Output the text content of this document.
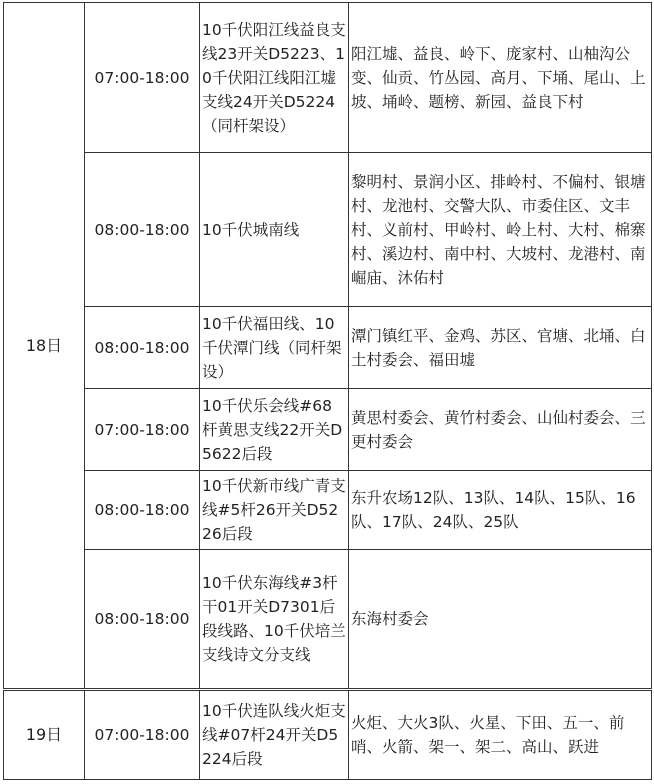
18日	07:00-18:00	10千伏阳江线益良支线23开关D5223、10千伏阳江线阳江墟支线24开关D5224（同杆架设）	阳江墟、益良、岭下、庞家村、山柚沟公变、仙贡、竹丛园、高月、下埇、尾山、上坡、埇岭、题榜、新园、益良下村

	08:00-18:00	10千伏城南线	黎明村、景润小区、排岭村、不偏村、银塘村、龙池村、交警大队、市委住区、文丰村、义前村、甲岭村、岭上村、大村、棉寨村、溪边村、南中村、大坡村、龙港村、南崛庙、沐佑村

	08:00-18:00	10千伏福田线、10千伏潭门线（同杆架设）	潭门镇红平、金鸡、苏区、官塘、北埇、白土村委会、福田墟

	07:00-18:00	10千伏乐会线#68杆黄思支线22开关D5622后段	黄思村委会、黄竹村委会、山仙村委会、三更村委会

	08:00-18:00	10千伏新市线广青支线#5杆26开关D5226后段	东升农场12队、13队、14队、15队、16队、17队、24队、25队

	08:00-18:00	10千伏东海线#3杆干01开关D7301后段线路、10千伏培兰支线诗文分支线	东海村委会

19日	07:00-18:00	10千伏连队线火炬支线#07杆24开关D5224后段	火炬、大火3队、火星、下田、五一、前哨、火箭、架一、架二、高山、跃进
